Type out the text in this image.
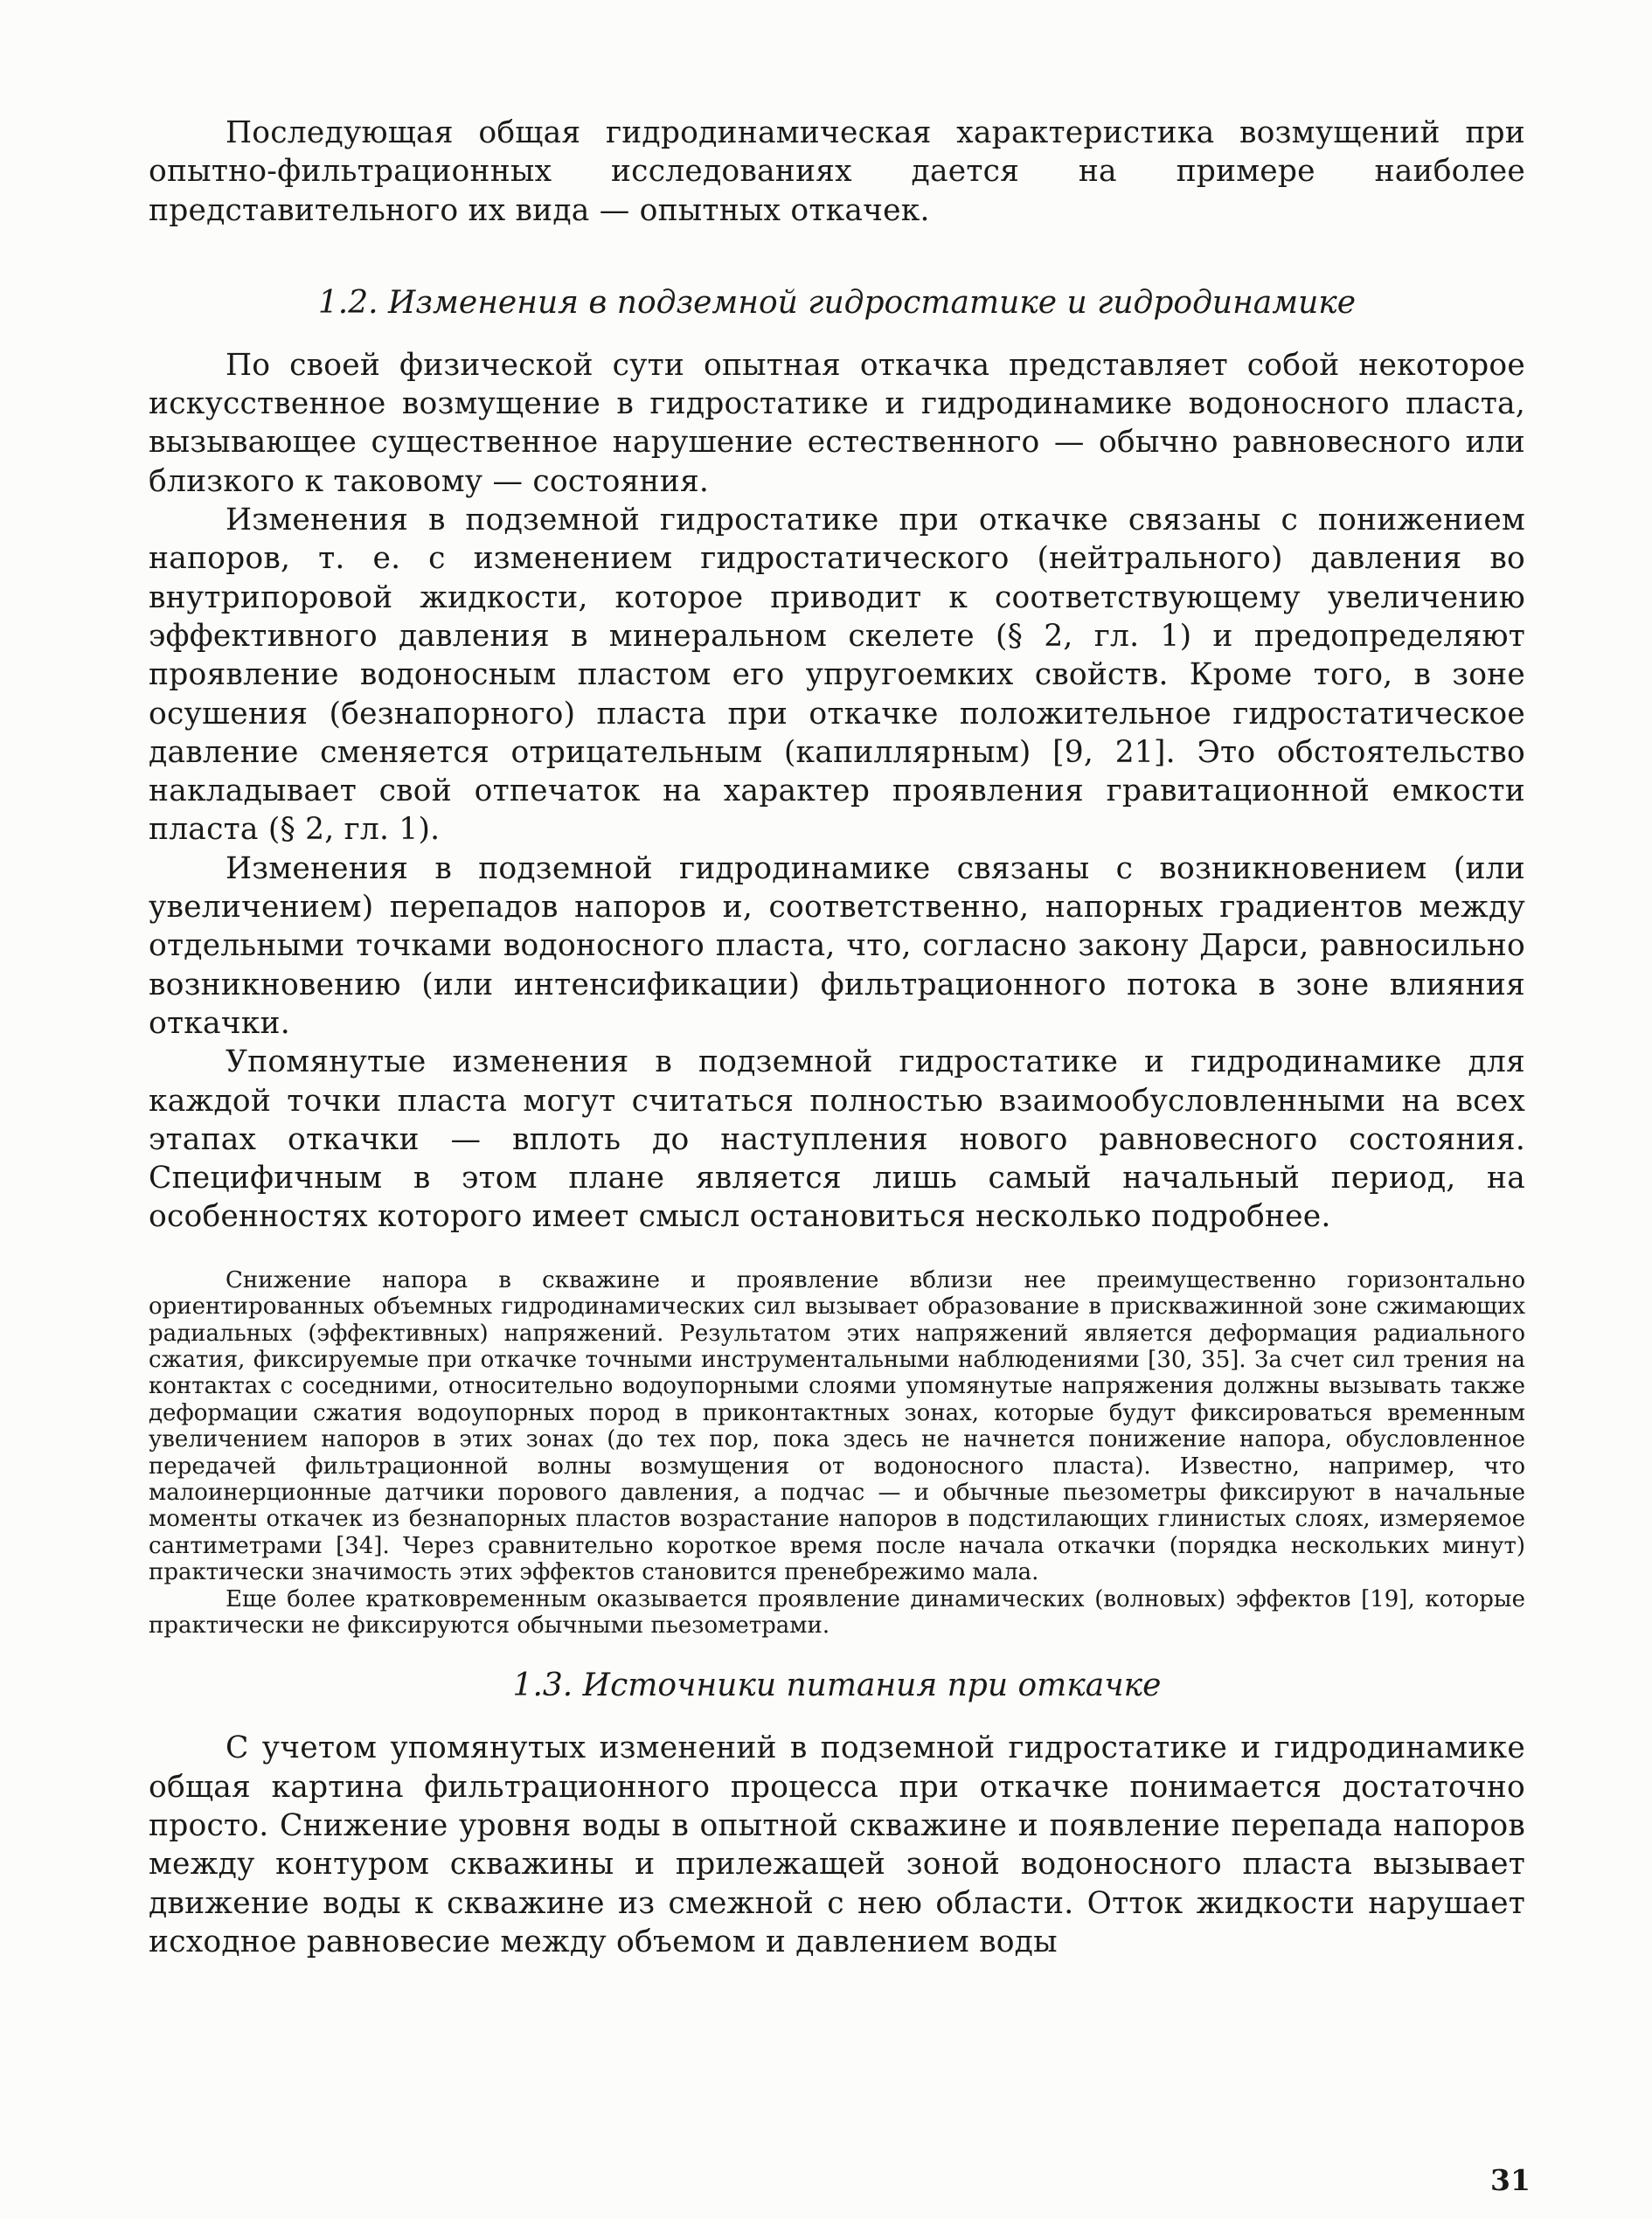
Последующая общая гидродинамическая характеристика возмущений при опытно-фильтрационных исследованиях дается на примере наиболее представительного их вида — опытных откачек.

1.2. Изменения в подземной гидростатике и гидродинамике

По своей физической сути опытная откачка представляет собой некоторое искусственное возмущение в гидростатике и гидродинамике водоносного пласта, вызывающее существенное нарушение естественного — обычно равновесного или близкого к таковому — состояния.

Изменения в подземной гидростатике при откачке связаны с понижением напоров, т. е. с изменением гидростатического (нейтрального) давления во внутрипоровой жидкости, которое приводит к соответствующему увеличению эффективного давления в минеральном скелете (§ 2, гл. 1) и предопределяют проявление водоносным пластом его упругоемких свойств. Кроме того, в зоне осушения (безнапорного) пласта при откачке положительное гидростатическое давление сменяется отрицательным (капиллярным) [9, 21]. Это обстоятельство накладывает свой отпечаток на характер проявления гравитационной емкости пласта (§ 2, гл. 1).

Изменения в подземной гидродинамике связаны с возникновением (или увеличением) перепадов напоров и, соответственно, напорных градиентов между отдельными точками водоносного пласта, что, согласно закону Дарси, равносильно возникновению (или интенсификации) фильтрационного потока в зоне влияния откачки.

Упомянутые изменения в подземной гидростатике и гидродинамике для каждой точки пласта могут считаться полностью взаимообусловленными на всех этапах откачки — вплоть до наступления нового равновесного состояния. Специфичным в этом плане является лишь самый начальный период, на особенностях которого имеет смысл остановиться несколько подробнее.

Снижение напора в скважине и проявление вблизи нее преимущественно горизонтально ориентированных объемных гидродинамических сил вызывает образование в прискважинной зоне сжимающих радиальных (эффективных) напряжений. Результатом этих напряжений является деформация радиального сжатия, фиксируемые при откачке точными инструментальными наблюдениями [30, 35]. За счет сил трения на контактах с соседними, относительно водоупорными слоями упомянутые напряжения должны вызывать также деформации сжатия водоупорных пород в приконтактных зонах, которые будут фиксироваться временным увеличением напоров в этих зонах (до тех пор, пока здесь не начнется понижение напора, обусловленное передачей фильтрационной волны возмущения от водоносного пласта). Известно, например, что малоинерционные датчики порового давления, а подчас — и обычные пьезометры фиксируют в начальные моменты откачек из безнапорных пластов возрастание напоров в подстилающих глинистых слоях, измеряемое сантиметрами [34]. Через сравнительно короткое время после начала откачки (порядка нескольких минут) практически значимость этих эффектов становится пренебрежимо мала.

Еще более кратковременным оказывается проявление динамических (волновых) эффектов [19], которые практически не фиксируются обычными пьезометрами.

1.3. Источники питания при откачке

С учетом упомянутых изменений в подземной гидростатике и гидродинамике общая картина фильтрационного процесса при откачке понимается достаточно просто. Снижение уровня воды в опытной скважине и появление перепада напоров между контуром скважины и прилежащей зоной водоносного пласта вызывает движение воды к скважине из смежной с нею области. Отток жидкости нарушает исходное равновесие между объемом и давлением воды

31
